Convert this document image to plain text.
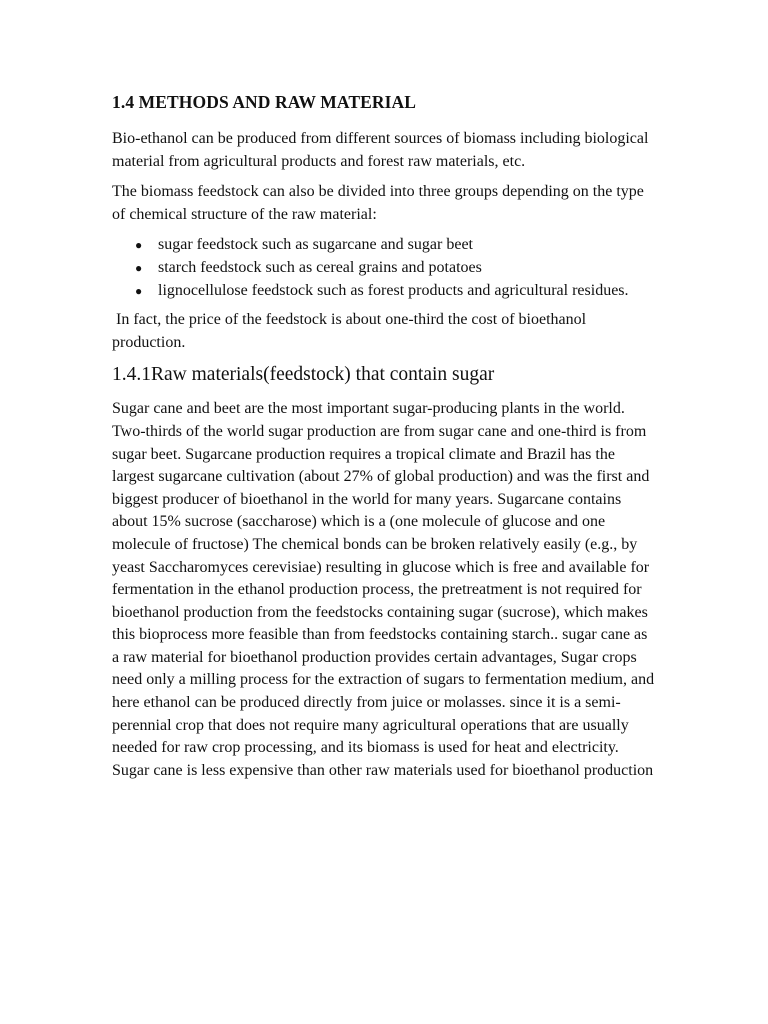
1.4 METHODS AND RAW MATERIAL

Bio-ethanol can be produced from different sources of biomass including biological material from agricultural products and forest raw materials, etc.

The biomass feedstock can also be divided into three groups depending on the type of chemical structure of the raw material:

● sugar feedstock such as sugarcane and sugar beet
● starch feedstock such as cereal grains and potatoes
● lignocellulose feedstock such as forest products and agricultural residues.

In fact, the price of the feedstock is about one-third the cost of bioethanol production.

1.4.1Raw materials(feedstock) that contain sugar

Sugar cane and beet are the most important sugar-producing plants in the world. Two-thirds of the world sugar production are from sugar cane and one-third is from sugar beet. Sugarcane production requires a tropical climate and Brazil has the largest sugarcane cultivation (about 27% of global production) and was the first and biggest producer of bioethanol in the world for many years. Sugarcane contains about 15% sucrose (saccharose) which is a (one molecule of glucose and one molecule of fructose) The chemical bonds can be broken relatively easily (e.g., by yeast Saccharomyces cerevisiae) resulting in glucose which is free and available for fermentation in the ethanol production process, the pretreatment is not required for bioethanol production from the feedstocks containing sugar (sucrose), which makes this bioprocess more feasible than from feedstocks containing starch.. sugar cane as a raw material for bioethanol production provides certain advantages, Sugar crops need only a milling process for the extraction of sugars to fermentation medium, and here ethanol can be produced directly from juice or molasses. since it is a semi-perennial crop that does not require many agricultural operations that are usually needed for raw crop processing, and its biomass is used for heat and electricity. Sugar cane is less expensive than other raw materials used for bioethanol production
